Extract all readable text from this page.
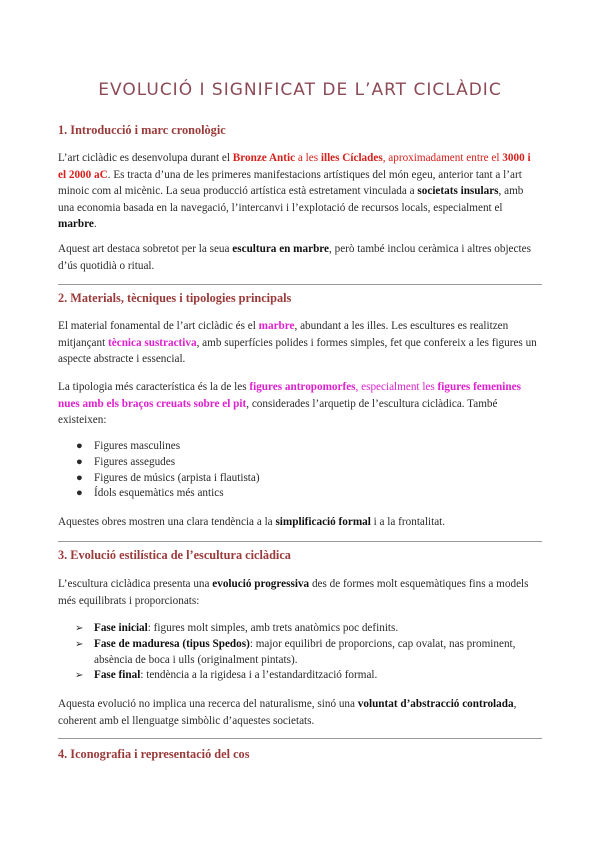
EVOLUCIÓ I SIGNIFICAT DE L’ART CICLÀDIC
1. Introducció i marc cronològic

L’art ciclàdic es desenvolupa durant el Bronze Antic a les illes Cíclades, aproximadament entre el 3000 i el 2000 aC. Es tracta d’una de les primeres manifestacions artístiques del món egeu, anterior tant a l’art minoic com al micènic. La seua producció artística està estretament vinculada a societats insulars, amb una economia basada en la navegació, l’intercanvi i l’explotació de recursos locals, especialment el marbre.

Aquest art destaca sobretot per la seua escultura en marbre, però també inclou ceràmica i altres objectes d’ús quotidià o ritual.

2. Materials, tècniques i tipologies principals

El material fonamental de l’art ciclàdic és el marbre, abundant a les illes. Les escultures es realitzen mitjançant tècnica sustractiva, amb superfícies polides i formes simples, fet que confereix a les figures un aspecte abstracte i essencial.

La tipologia més característica és la de les figures antropomorfes, especialment les figures femenines nues amb els braços creuats sobre el pit, considerades l’arquetip de l’escultura ciclàdica. També existeixen:

● Figures masculines
● Figures assegudes
● Figures de músics (arpista i flautista)
● Ídols esquemàtics més antics

Aquestes obres mostren una clara tendència a la simplificació formal i a la frontalitat.

3. Evolució estilística de l’escultura ciclàdica

L’escultura ciclàdica presenta una evolució progressiva des de formes molt esquemàtiques fins a models més equilibrats i proporcionats:

➢ Fase inicial: figures molt simples, amb trets anatòmics poc definits.
➢ Fase de maduresa (tipus Spedos): major equilibri de proporcions, cap ovalat, nas prominent, absència de boca i ulls (originalment pintats).
➢ Fase final: tendència a la rigidesa i a l’estandardització formal.

Aquesta evolució no implica una recerca del naturalisme, sinó una voluntat d’abstracció controlada, coherent amb el llenguatge simbòlic d’aquestes societats.

4. Iconografia i representació del cos
